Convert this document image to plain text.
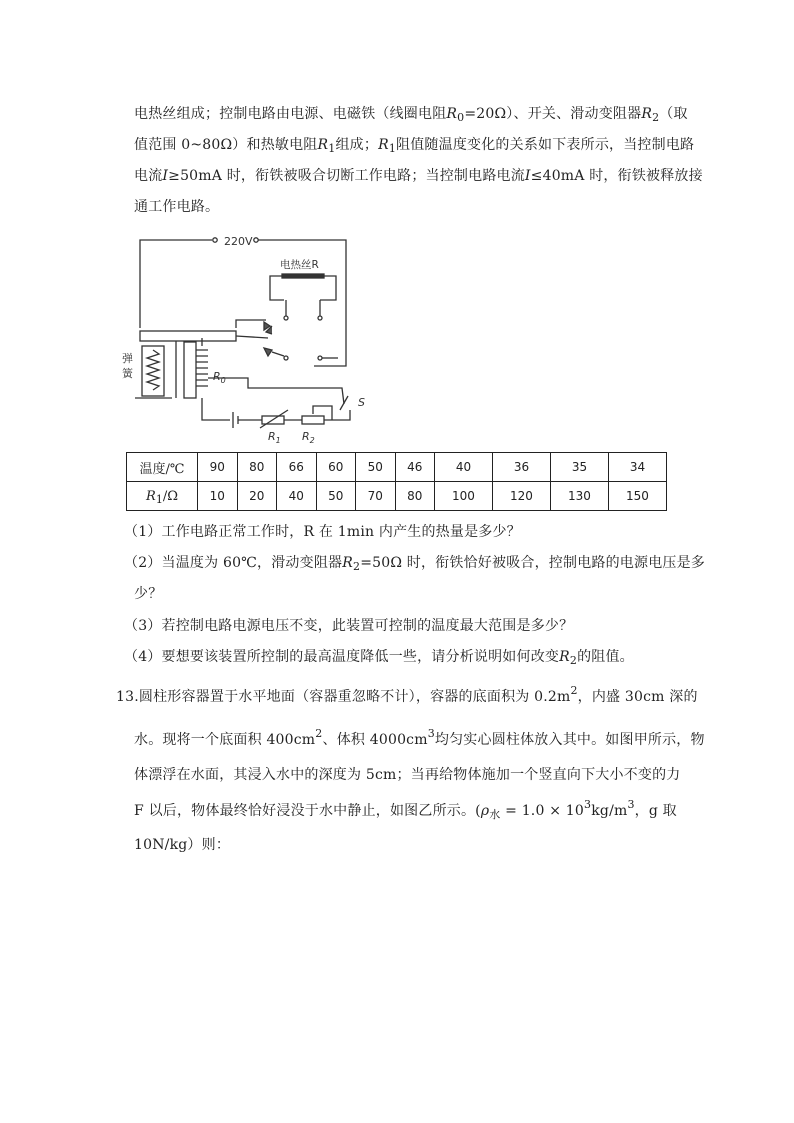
电热丝组成；控制电路由电源、电磁铁（线圈电阻$R_0=20\Omega$）、开关、滑动变阻器$R_2$（取
值范围 0~80Ω）和热敏电阻$R_1$组成；$R_1$阻值随温度变化的关系如下表所示，当控制电路
电流I≥50mA 时，衔铁被吸合切断工作电路；当控制电路电流I≤40mA 时，衔铁被释放接
通工作电路。
220V
电热丝R
弹
簧	$R_0$
S
$R_1$ $R_2$
温度/℃	90	80	66	60	50	46	40	36	35	34
$R_1/\Omega$	10	20	40	50	70	80	100	120	130	150
（1）工作电路正常工作时，R 在 1min 内产生的热量是多少？
（2）当温度为 60℃，滑动变阻器$R_2=50\Omega$ 时，衔铁恰好被吸合，控制电路的电源电压是多
少？
（3）若控制电路电源电压不变，此装置可控制的温度最大范围是多少？
（4）要想要该装置所控制的最高温度降低一些，请分析说明如何改变$R_2$的阻值。
13.圆柱形容器置于水平地面（容器重忽略不计），容器的底面积为 $0.2m^2$，内盛 30cm 深的
水。现将一个底面积 $400cm^2$、体积 $4000cm^3$均匀实心圆柱体放入其中。如图甲所示，物
体漂浮在水面，其浸入水中的深度为 5cm；当再给物体施加一个竖直向下大小不变的力
F 以后，物体最终恰好浸没于水中静止，如图乙所示。($\rho_水 = 1.0 \times 10^3kg/m^3$，g 取
10N/kg）则：
